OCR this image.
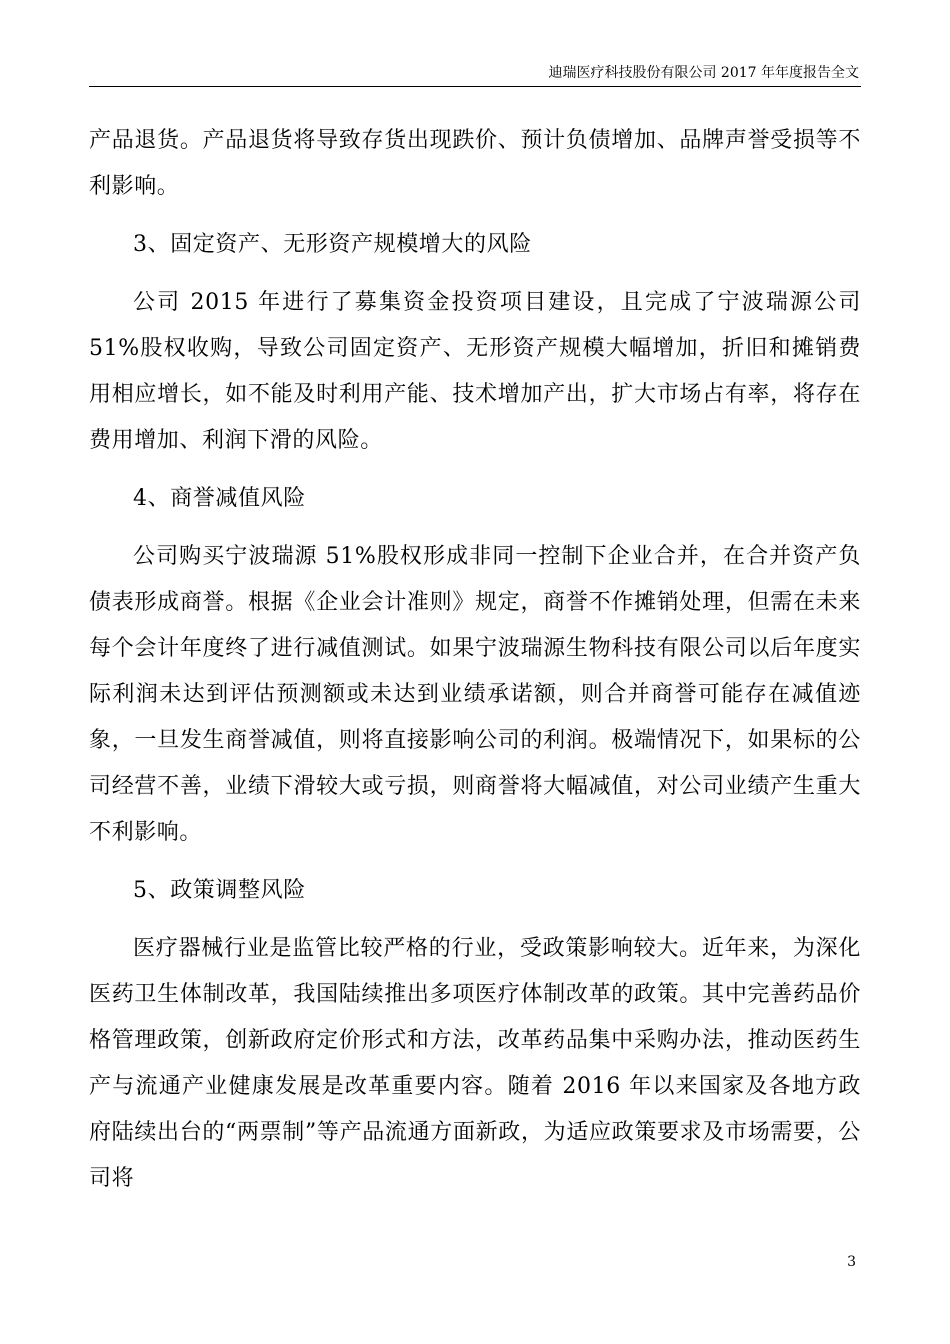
迪瑞医疗科技股份有限公司 2017 年年度报告全文

产品退货。产品退货将导致存货出现跌价、预计负债增加、品牌声誉受损等不利影响。

3、固定资产、无形资产规模增大的风险

公司 2015 年进行了募集资金投资项目建设，且完成了宁波瑞源公司 51%股权收购，导致公司固定资产、无形资产规模大幅增加，折旧和摊销费用相应增长，如不能及时利用产能、技术增加产出，扩大市场占有率，将存在费用增加、利润下滑的风险。

4、商誉减值风险

公司购买宁波瑞源 51%股权形成非同一控制下企业合并，在合并资产负债表形成商誉。根据《企业会计准则》规定，商誉不作摊销处理，但需在未来每个会计年度终了进行减值测试。如果宁波瑞源生物科技有限公司以后年度实际利润未达到评估预测额或未达到业绩承诺额，则合并商誉可能存在减值迹象，一旦发生商誉减值，则将直接影响公司的利润。极端情况下，如果标的公司经营不善，业绩下滑较大或亏损，则商誉将大幅减值，对公司业绩产生重大不利影响。

5、政策调整风险

医疗器械行业是监管比较严格的行业，受政策影响较大。近年来，为深化医药卫生体制改革，我国陆续推出多项医疗体制改革的政策。其中完善药品价格管理政策，创新政府定价形式和方法，改革药品集中采购办法，推动医药生产与流通产业健康发展是改革重要内容。随着 2016 年以来国家及各地方政府陆续出台的“两票制”等产品流通方面新政，为适应政策要求及市场需要，公司将

3
